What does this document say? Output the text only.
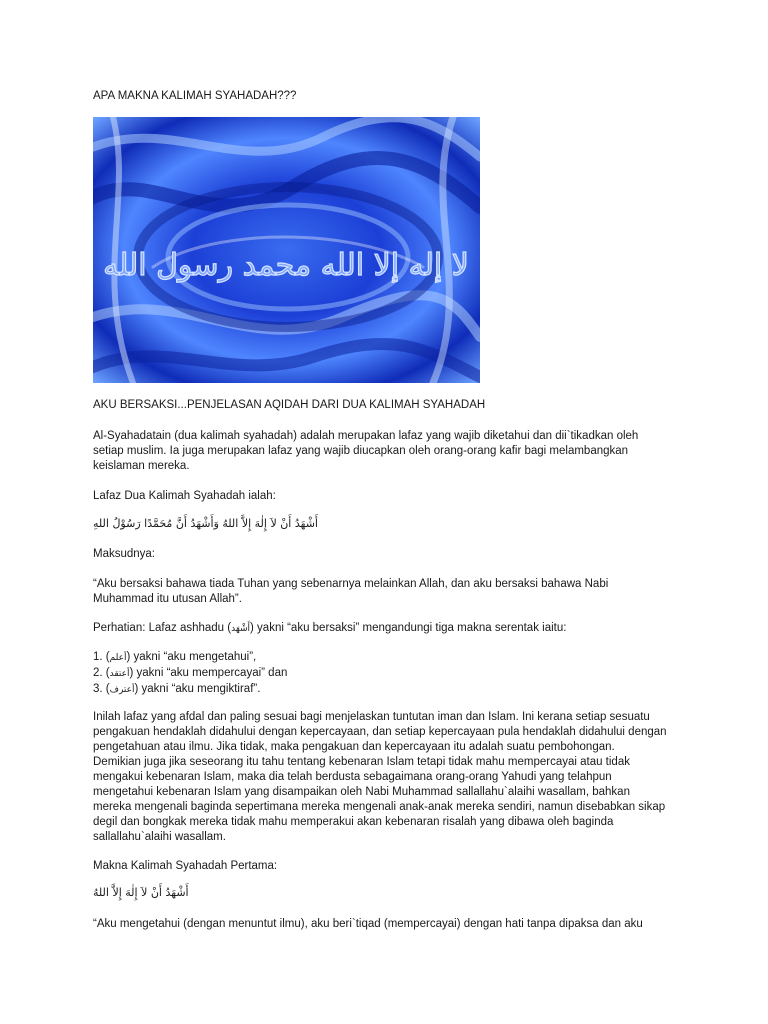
APA MAKNA KALIMAH SYAHADAH???
لا إله إلا الله محمد رسول الله
AKU BERSAKSI...PENJELASAN AQIDAH DARI DUA KALIMAH SYAHADAH

Al-Syahadatain (dua kalimah syahadah) adalah merupakan lafaz yang wajib diketahui dan dii`tikadkan oleh

setiap muslim. Ia juga merupakan lafaz yang wajib diucapkan oleh orang-orang kafir bagi melambangkan

keislaman mereka.

Lafaz Dua Kalimah Syahadah ialah:
أَشْهَدُ أَنْ لاَ إِلٰهَ إِلاَّ اللهُ وَأَشْهَدُ أَنَّ مُحَمَّدًا رَسُوْلُ اللهِ
Maksudnya:

“Aku bersaksi bahawa tiada Tuhan yang sebenarnya melainkan Allah, dan aku bersaksi bahawa Nabi

Muhammad itu utusan Allah”.

Perhatian: Lafaz ashhadu (أَشْهَد) yakni “aku bersaksi” mengandungi tiga makna serentak iaitu:

1. (أعلم) yakni “aku mengetahui”,

2. (أعتقد) yakni “aku mempercayai” dan

3. (أعترف) yakni “aku mengiktiraf”.

Inilah lafaz yang afdal dan paling sesuai bagi menjelaskan tuntutan iman dan Islam. Ini kerana setiap sesuatu

pengakuan hendaklah didahului dengan kepercayaan, dan setiap kepercayaan pula hendaklah didahului dengan

pengetahuan atau ilmu. Jika tidak, maka pengakuan dan kepercayaan itu adalah suatu pembohongan.

Demikian juga jika seseorang itu tahu tentang kebenaran Islam tetapi tidak mahu mempercayai atau tidak

mengakui kebenaran Islam, maka dia telah berdusta sebagaimana orang-orang Yahudi yang telahpun

mengetahui kebenaran Islam yang disampaikan oleh Nabi Muhammad sallallahu`alaihi wasallam, bahkan

mereka mengenali baginda sepertimana mereka mengenali anak-anak mereka sendiri, namun disebabkan sikap

degil dan bongkak mereka tidak mahu memperakui akan kebenaran risalah yang dibawa oleh baginda

sallallahu`alaihi wasallam.

Makna Kalimah Syahadah Pertama:
أَشْهَدُ أَنْ لاَ إِلٰهَ إِلاَّ اللهُ
“Aku mengetahui (dengan menuntut ilmu), aku beri`tiqad (mempercayai) dengan hati tanpa dipaksa dan aku
